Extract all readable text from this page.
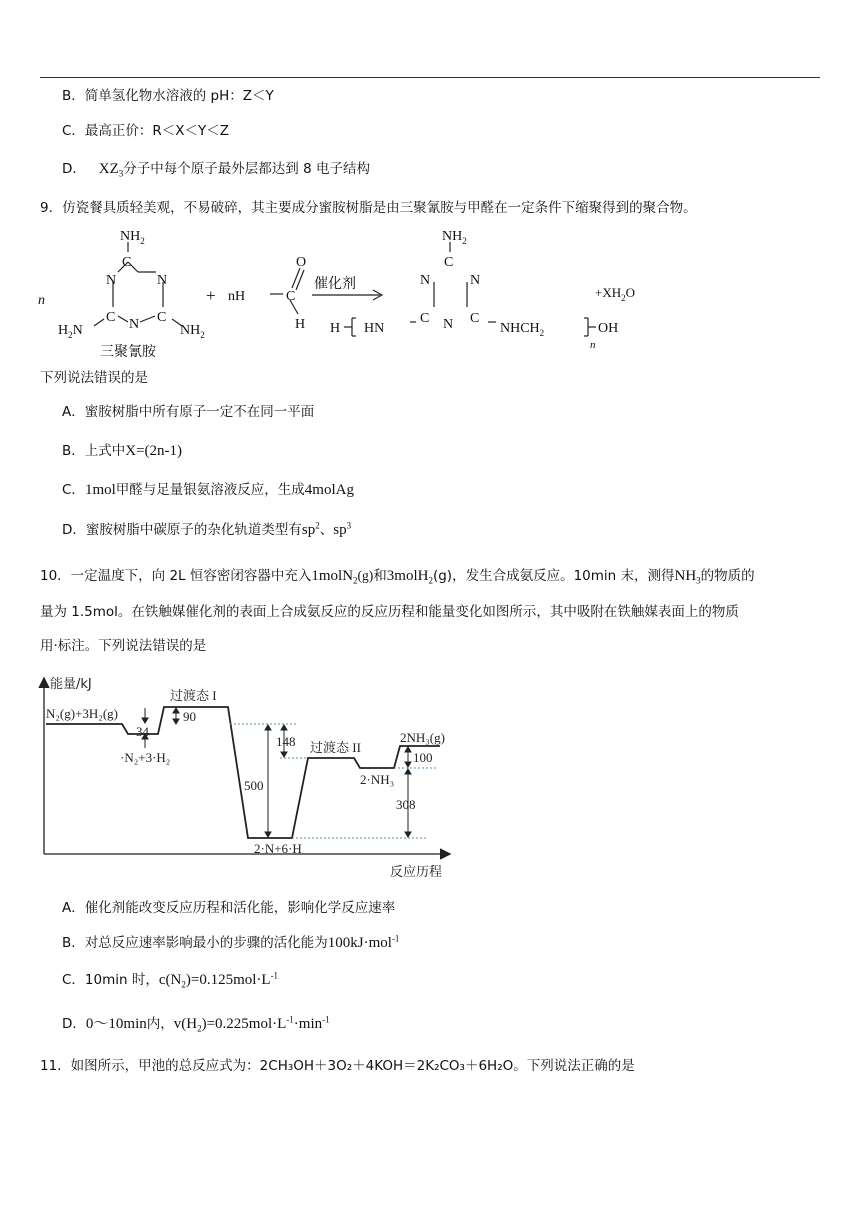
B．简单氢化物水溶液的 pH：Z＜Y
C．最高正价：R＜X＜Y＜Z
D． $XZ_3$分子中每个原子最外层都达到 8 电子结构
9．仿瓷餐具质轻美观，不易破碎，其主要成分蜜胺树脂是由三聚氰胺与甲醛在一定条件下缩聚得到的聚合物。
n
$NH_2$
C
N
N
C
C N
$H_2N$	$NH_2$
+ nH	C
O
H
催化剂
$NH_2$
C
N	N
C	C
N
H HN	$NHCH_2$	OH
n
$+XH_2O$
三聚氰胺
下列说法错误的是
A．蜜胺树脂中所有原子一定不在同一平面
B．上式中X=(2n-1)
C．1mol甲醛与足量银氨溶液反应，生成4molAg
D．蜜胺树脂中碳原子的杂化轨道类型有$sp^2$、$sp^3$
10．一定温度下，向 2L 恒容密闭容器中充入1molN$_2$(g)和3molH$_2$(g)，发生合成氨反应。10min 末，测得$NH_3$的物质的
量为 1.5mol。在铁触媒催化剂的表面上合成氨反应的反应历程和能量变化如图所示，其中吸附在铁触媒表面上的物质
用·标注。下列说法错误的是
能量/kJ
反应历程
过渡态 I
过渡态 II
N₂(g)+3H₂(g)
·N₂+3·H₂
2·N+6·H
2·NH₃
2NH₃(g)
34
90
148
500
100
308
A．催化剂能改变反应历程和活化能，影响化学反应速率
B．对总反应速率影响最小的步骤的活化能为100kJ·mol$^{-1}$
C．10min 时，$c(N_2)=0.125mol\cdot L^{-1}$
D．0～10min内，$v(H_2)=0.225mol\cdot L^{-1}\cdot\min^{-1}$
11．如图所示，甲池的总反应式为：2CH₃OH＋3O₂＋4KOH＝2K₂CO₃＋6H₂O。下列说法正确的是
